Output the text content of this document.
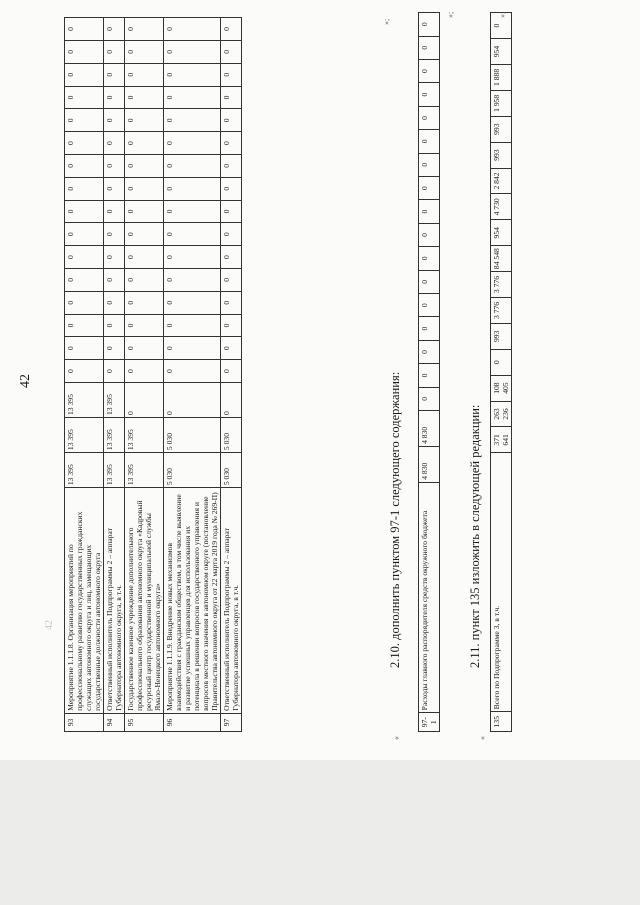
42
42
93	Мероприятие 1.1.1.8. Организация мероприятий по профессиональному развитию государственных гражданских служащих автономного округа и лиц, замещающих государственные должности автономного округа	13 395	13 395	13 395	0	0	0	0	0	0	0	0	0	0	0	0	0	0	0	0
94	Ответственный исполнитель Подпрограммы 2 – аппарат Губернатора автономного округа, в т.ч.	13 395	13 395	13 395	0	0	0	0	0	0	0	0	0	0	0	0	0	0	0	0
95	Государственное казенное учреждение дополнительного профессионального образования автономного округа «Кадровый ресурсный центр государственной и муниципальной службы Ямало-Ненецкого автономного округа»	13 395	13 395	0	0	0	0	0	0	0	0	0	0	0	0	0	0	0	0	0
96	Мероприятие 1.1.1.9. Внедрение новых механизмов взаимодействия с гражданским обществом, в том числе выявление и развитие успешных управленцев для использования их потенциала в решении вопросов государственного управления и вопросов местного значения в автономном округе (постановление Правительства автономного округа от 22 марта 2019 года № 269-П)	5 030	5 030	0	0	0	0	0	0	0	0	0	0	0	0	0	0	0	0	0
97	Ответственный исполнитель Подпрограммы 2 – аппарат Губернатора автономного округа, в т.ч.	5 030	5 030	0	0	0	0	0	0	0	0	0	0	0	0	0	0	0	0	0
»;
«
2.10. дополнить пунктом 97-1 следующего содержания:
97-1	Расходы главного распорядителя средств окружного бюджета	4 830	4 830	0	0	0	0	0	0	0	0	0	0	0	0	0	0	0	0	0
»;
«
2.11. пункт 135 изложить в следующей редакции:
135	Всего по Подпрограмме 3, в т.ч.	371 641	263 236	108 405	0	993	3 776	3 776	84 548	954	4 730	2 842	993	993	1 958	1 888	954	0
»;
